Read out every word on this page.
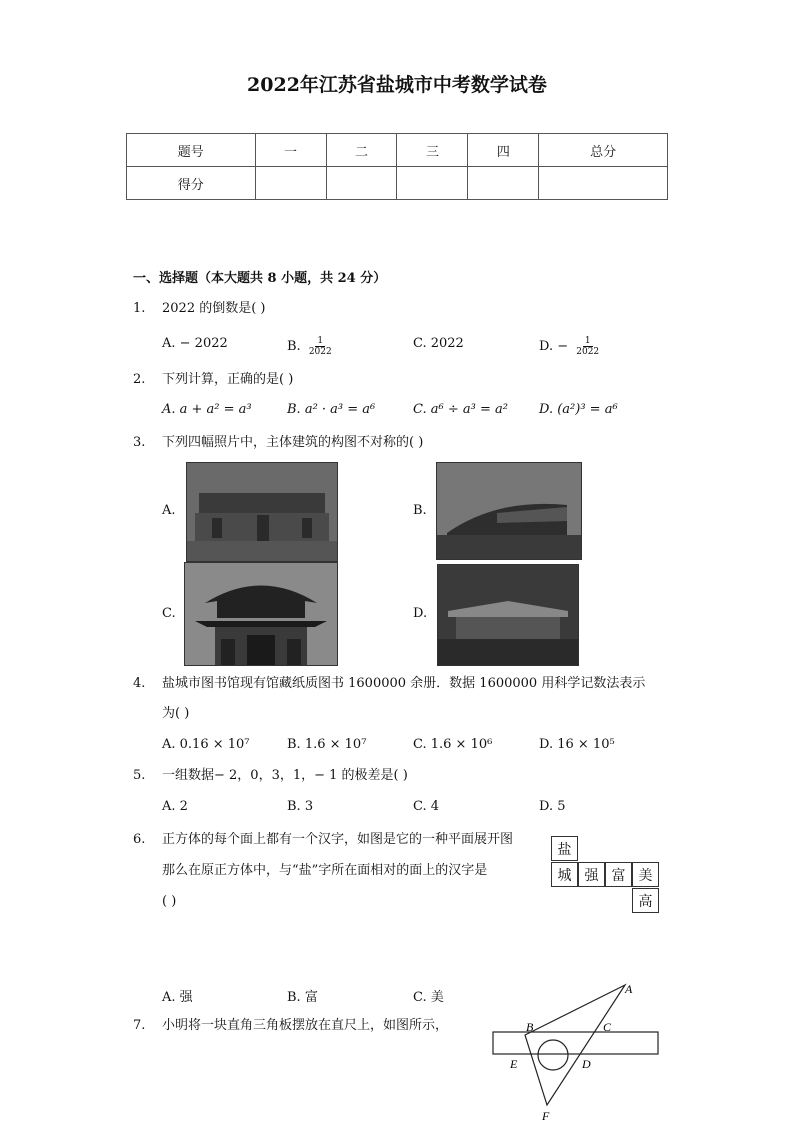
2022年江苏省盐城市中考数学试卷
题号	一	二	三	四	总分
得分					
一、选择题（本大题共 8 小题，共 24 分）
1. 2022 的倒数是( )
A. − 2022	B. $\frac{1}{2022}$	C. 2022	D. − $\frac{1}{2022}$
2. 下列计算，正确的是( )
A. a + a² = a³	B. a² · a³ = a⁶	C. a⁶ ÷ a³ = a² D. (a²)³ = a⁶
3. 下列四幅照片中，主体建筑的构图不对称的( )
A.	B.
C.	D.
4. 盐城市图书馆现有馆藏纸质图书 1600000 余册．数据 1600000 用科学记数法表示
为( )
A. 0.16 × 10⁷	B. 1.6 × 10⁷	C. 1.6 × 10⁶	D. 16 × 10⁵
5. 一组数据− 2，0，3，1，− 1 的极差是( )
A. 2	B. 3	C. 4	D. 5
6. 正方体的每个面上都有一个汉字，如图是它的一种平面展开图
那么在原正方体中，与“盐”字所在面相对的面上的汉字是
( )
盐
城 强 富 美
高
A. 强	B. 富	C. 美
7. 小明将一块直角三角板摆放在直尺上，如图所示，
A
B	C
D
E
F
